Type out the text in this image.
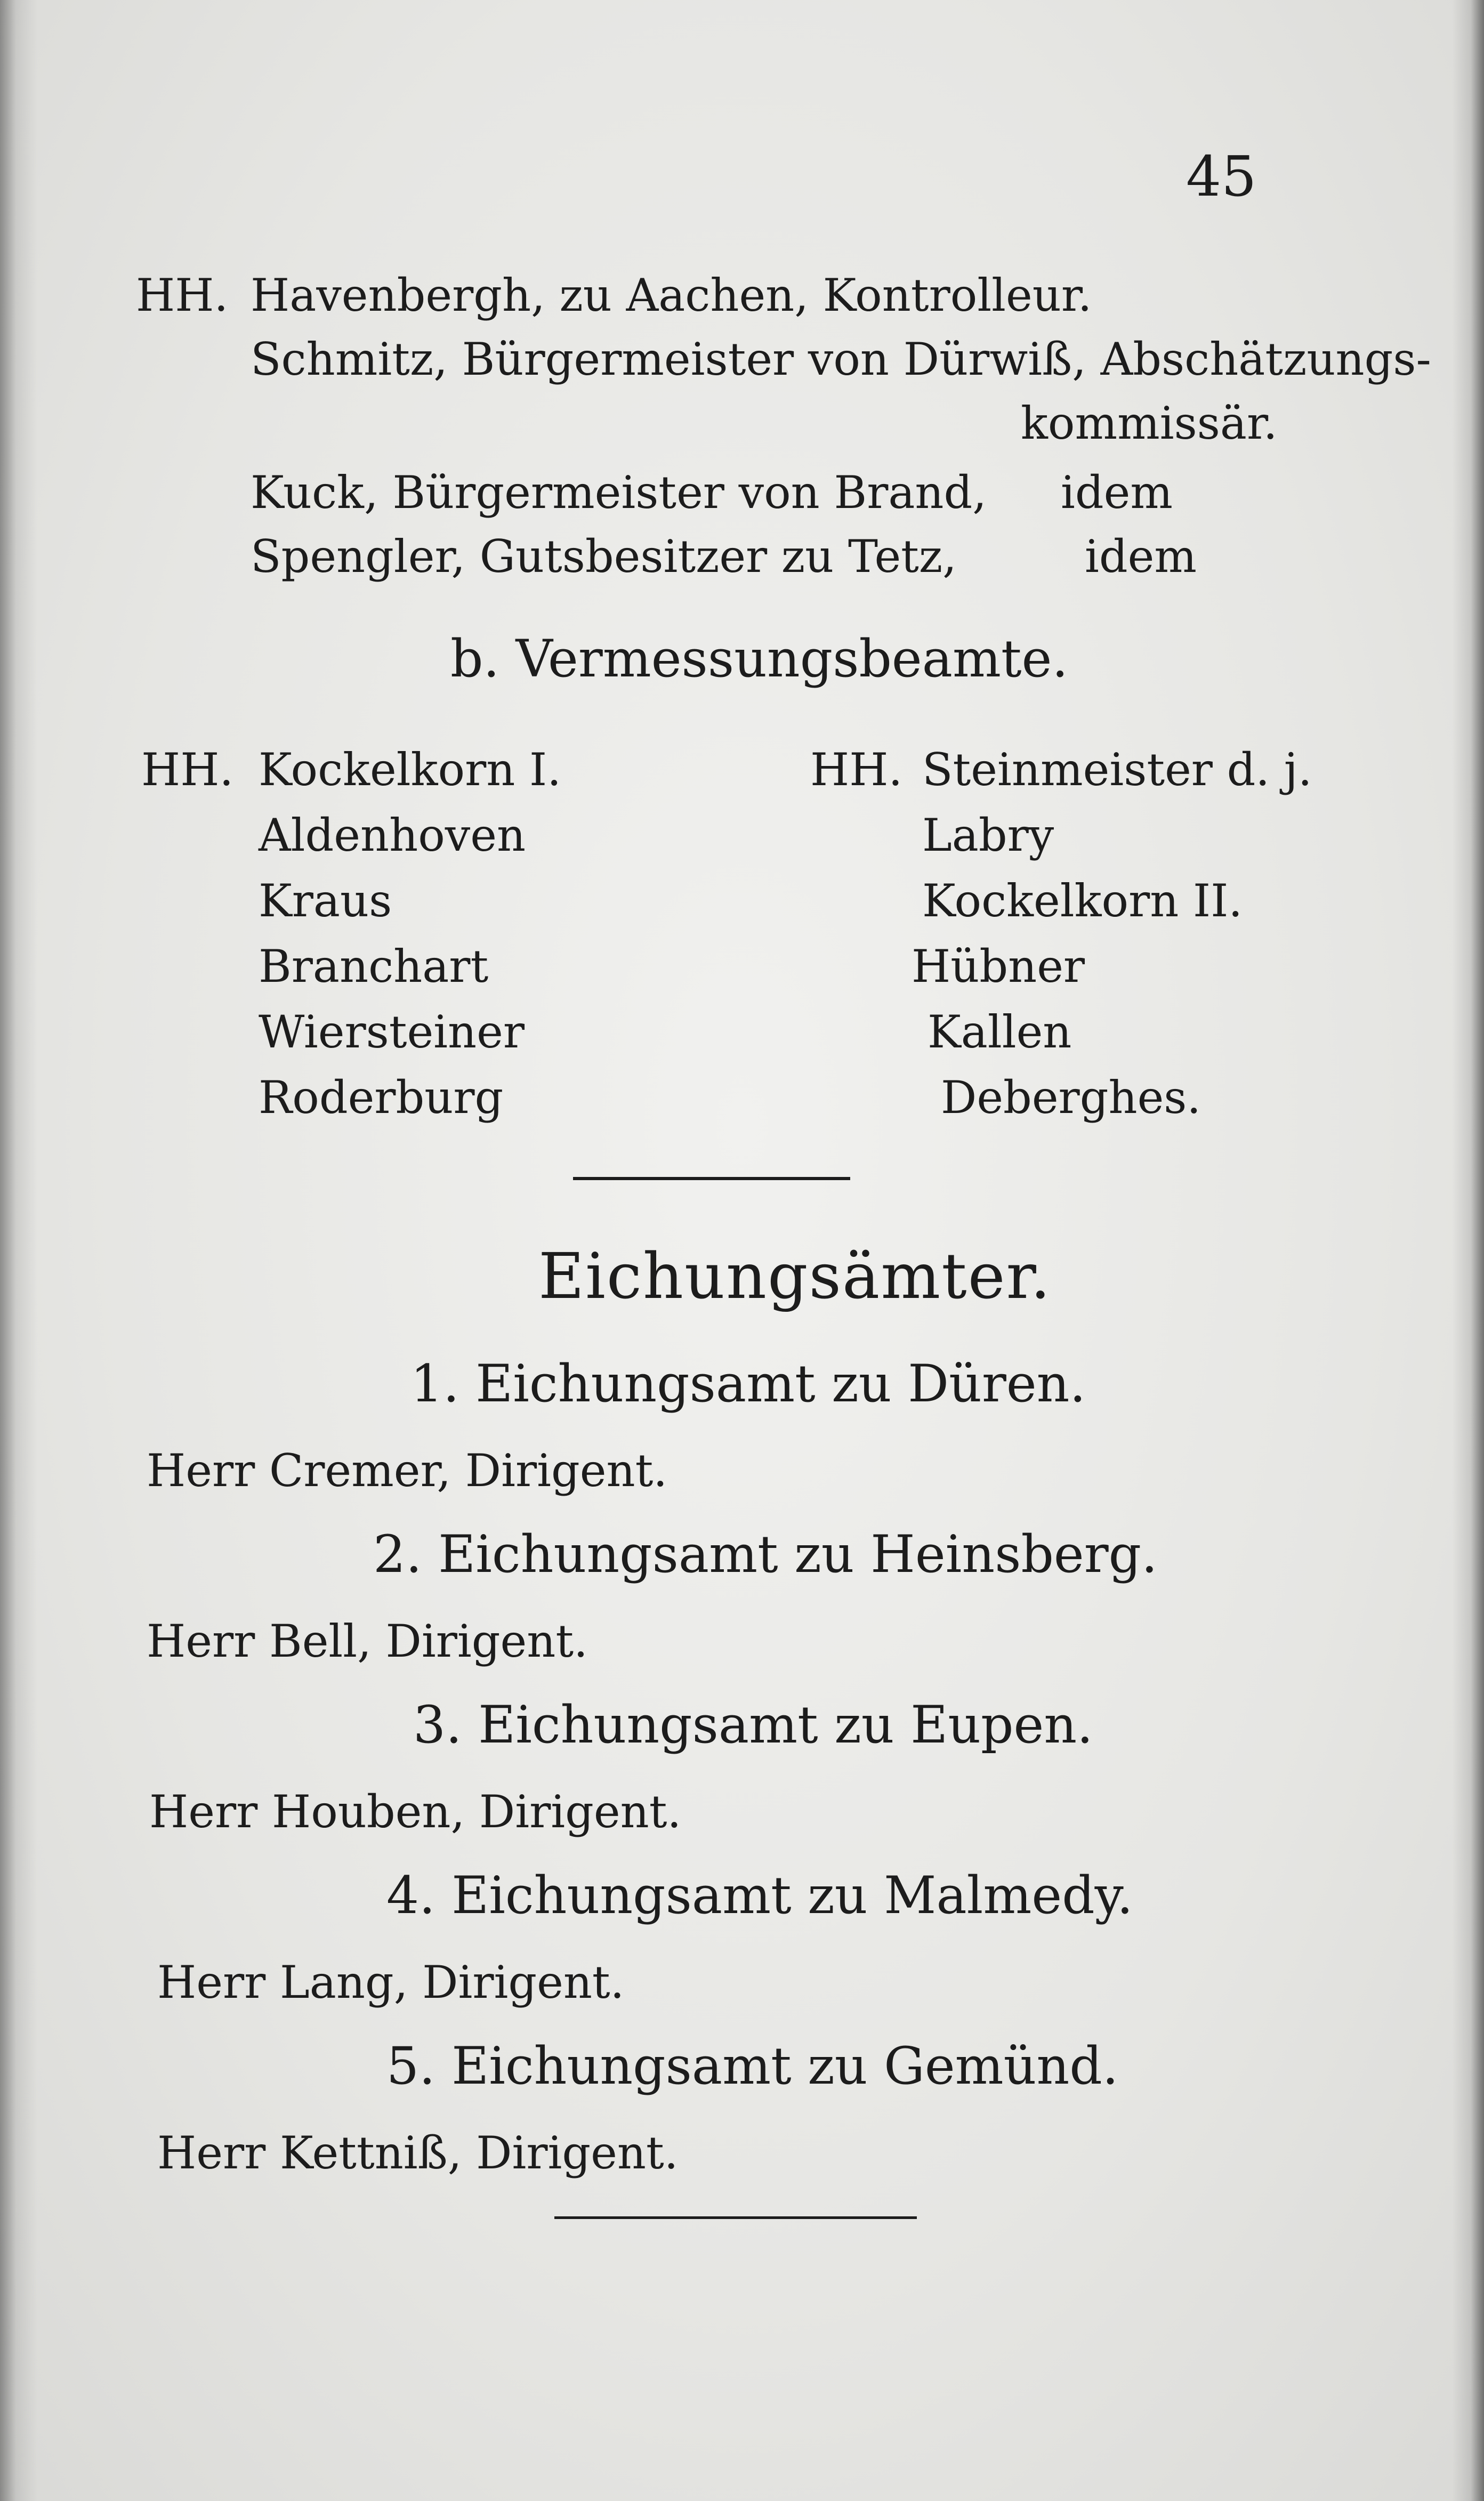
45
HH. Havenbergh, zu Aachen, Kontrolleur.
Schmitz, Bürgermeister von Dürwiß, Abschätzungs-
kommissär.
Kuck, Bürgermeister von Brand, idem
Spengler, Gutsbesitzer zu Tetz,	idem
b. Vermessungsbeamte.
HH. Kockelkorn I.
Aldenhoven
Kraus
Branchart
Wiersteiner
Roderburg
HH. Steinmeister d. j.
Labry
Kockelkorn II.
Hübner
Kallen
Deberghes.
Eichungsämter.
1. Eichungsamt zu Düren.
Herr Cremer, Dirigent.
2. Eichungsamt zu Heinsberg.
Herr Bell, Dirigent.
3. Eichungsamt zu Eupen.
Herr Houben, Dirigent.
4. Eichungsamt zu Malmedy.
Herr Lang, Dirigent.
5. Eichungsamt zu Gemünd.
Herr Kettniß, Dirigent.
